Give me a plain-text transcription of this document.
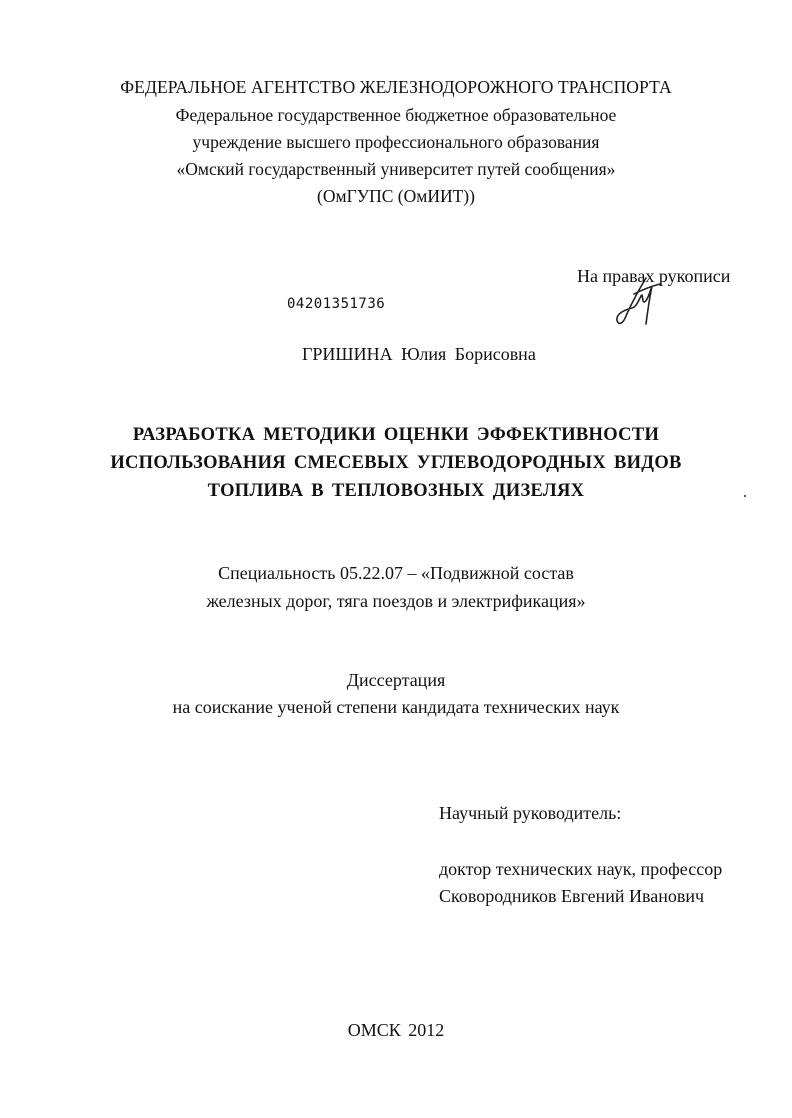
ФЕДЕРАЛЬНОЕ АГЕНТСТВО ЖЕЛЕЗНОДОРОЖНОГО ТРАНСПОРТА
Федеральное государственное бюджетное образовательное
учреждение высшего профессионального образования
«Омский государственный университет путей сообщения»
(ОмГУПС (ОмИИТ))
На правах рукописи
04201351736
ГРИШИНА Юлия Борисовна
РАЗРАБОТКА МЕТОДИКИ ОЦЕНКИ ЭФФЕКТИВНОСТИ
ИСПОЛЬЗОВАНИЯ СМЕСЕВЫХ УГЛЕВОДОРОДНЫХ ВИДОВ
ТОПЛИВА В ТЕПЛОВОЗНЫХ ДИЗЕЛЯХ
Специальность 05.22.07 – «Подвижной состав
железных дорог, тяга поездов и электрификация»
Диссертация
на соискание ученой степени кандидата технических наук
Научный руководитель:
доктор технических наук, профессор
Сковородников Евгений Иванович
ОМСК 2012
